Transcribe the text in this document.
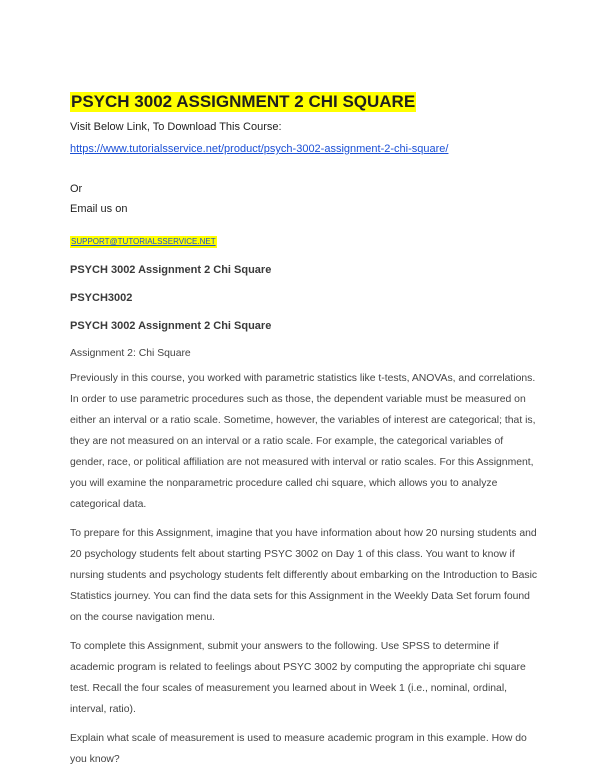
PSYCH 3002 ASSIGNMENT 2 CHI SQUARE
Visit Below Link, To Download This Course:
https://www.tutorialsservice.net/product/psych-3002-assignment-2-chi-square/
Or
Email us on
SUPPORT@TUTORIALSSERVICE.NET
PSYCH 3002 Assignment 2 Chi Square
PSYCH3002
PSYCH 3002 Assignment 2 Chi Square

Assignment 2: Chi Square

Previously in this course, you worked with parametric statistics like t-tests, ANOVAs, and correlations. In order to use parametric procedures such as those, the dependent variable must be measured on either an interval or a ratio scale. Sometime, however, the variables of interest are categorical; that is, they are not measured on an interval or a ratio scale. For example, the categorical variables of gender, race, or political affiliation are not measured with interval or ratio scales. For this Assignment, you will examine the nonparametric procedure called chi square, which allows you to analyze categorical data.

To prepare for this Assignment, imagine that you have information about how 20 nursing students and 20 psychology students felt about starting PSYC 3002 on Day 1 of this class. You want to know if nursing students and psychology students felt differently about embarking on the Introduction to Basic Statistics journey. You can find the data sets for this Assignment in the Weekly Data Set forum found on the course navigation menu.

To complete this Assignment, submit your answers to the following. Use SPSS to determine if academic program is related to feelings about PSYC 3002 by computing the appropriate chi square test. Recall the four scales of measurement you learned about in Week 1 (i.e., nominal, ordinal, interval, ratio).

Explain what scale of measurement is used to measure academic program in this example. How do you know?
